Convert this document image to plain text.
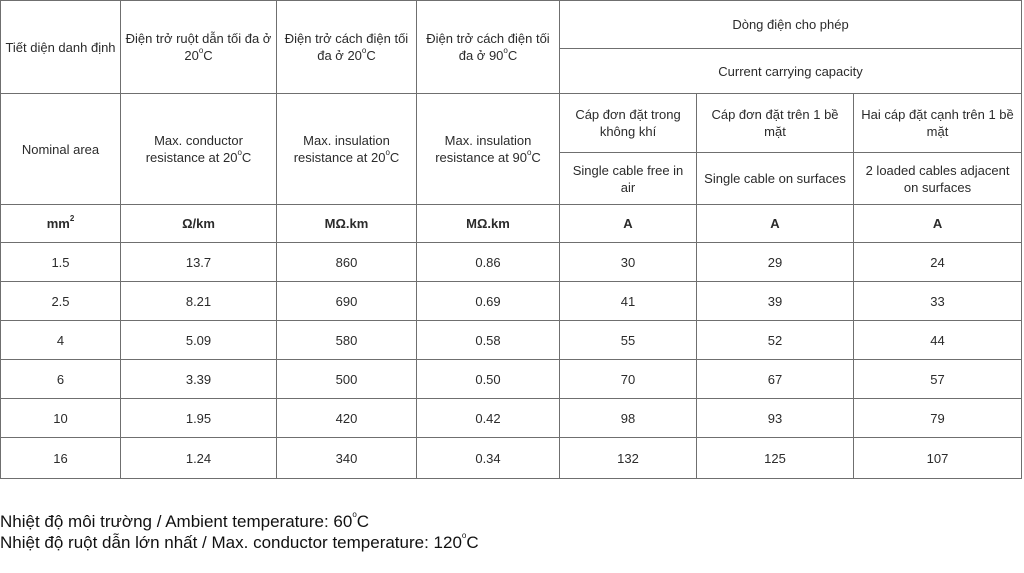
Tiết diện danh định	Điện trở ruột dẫn tối đa ở 20$^o$C	Điện trở cách điện tối đa ở 20$^o$C	Điện trở cách điện tối đa ở 90$^o$C	Dòng điện cho phép		
				Current carrying capacity		
Nominal area	Max. conductor resistance at 20$^o$C	Max. insulation resistance at 20$^o$C	Max. insulation resistance at 90$^o$C	Cáp đơn đặt trong không khí	Cáp đơn đặt trên 1 bề mặt	Hai cáp đặt cạnh trên 1 bề mặt
				Single cable free in air	Single cable on surfaces	2 loaded cables adjacent on surfaces
$mm^2$	Ω/km	MΩ.km	MΩ.km	A	A	A
1.5	13.7	860	0.86	30	29	24
2.5	8.21	690	0.69	41	39	33
4	5.09	580	0.58	55	52	44
6	3.39	500	0.50	70	67	57
10	1.95	420	0.42	98	93	79
16	1.24	340	0.34	132	125	107
Nhiệt độ môi trường / Ambient temperature: 60$^o$C
Nhiệt độ ruột dẫn lớn nhất / Max. conductor temperature: 120$^o$C
